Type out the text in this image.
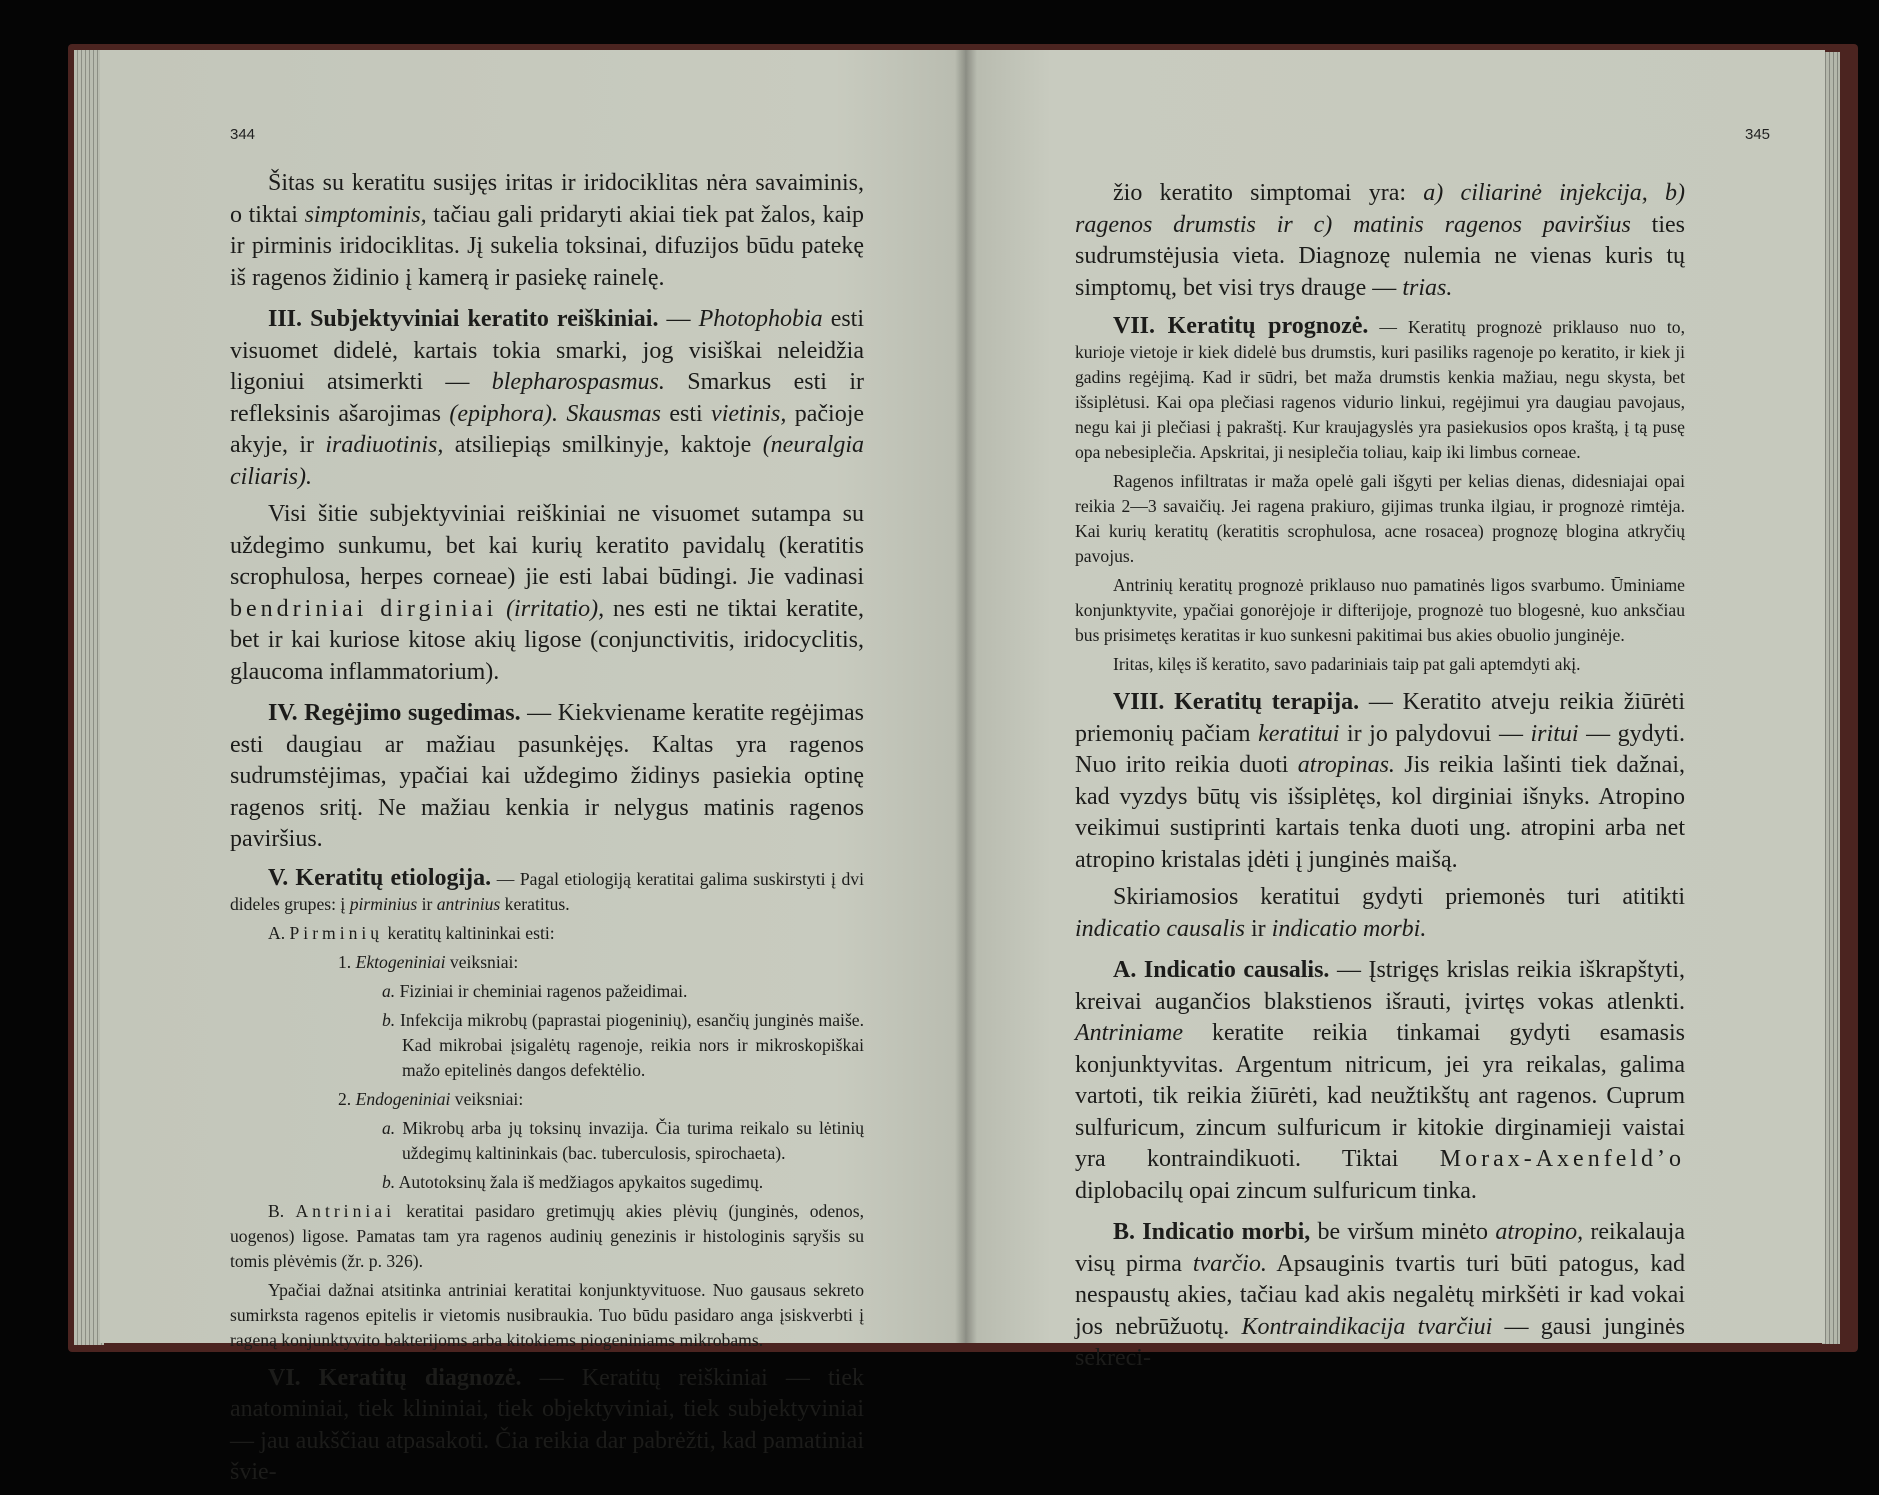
344

Šitas su keratitu susijęs iritas ir iridociklitas nėra savaiminis, o tiktai simptominis, tačiau gali pridaryti akiai tiek pat žalos, kaip ir pirminis iridociklitas. Jį sukelia toksinai, difuzijos būdu patekę iš ragenos židinio į kamerą ir pasiekę rainelę.

III. Subjektyviniai keratito reiškiniai. — Photophobia esti visuomet didelė, kartais tokia smarki, jog visiškai neleidžia ligoniui atsimerkti — blepharospasmus. Smarkus esti ir refleksinis ašarojimas (epiphora). Skausmas esti vietinis, pačioje akyje, ir iradiuotinis, atsiliepiąs smilkinyje, kaktoje (neuralgia ciliaris).

Visi šitie subjektyviniai reiškiniai ne visuomet sutampa su uždegimo sunkumu, bet kai kurių keratito pavidalų (keratitis scrophulosa, herpes corneae) jie esti labai būdingi. Jie vadinasi bendriniai dirginiai (irritatio), nes esti ne tiktai keratite, bet ir kai kuriose kitose akių ligose (conjunctivitis, iridocyclitis, glaucoma inflammatorium).

IV. Regėjimo sugedimas. — Kiekviename keratite regėjimas esti daugiau ar mažiau pasunkėjęs. Kaltas yra ragenos sudrumstėjimas, ypačiai kai uždegimo židinys pasiekia optinę ragenos sritį. Ne mažiau kenkia ir nelygus matinis ragenos paviršius.

V. Keratitų etiologija. — Pagal etiologiją keratitai galima suskirstyti į dvi dideles grupes: į pirminius ir antrinius keratitus.

A. Pirminių keratitų kaltininkai esti:

1. Ektogeniniai veiksniai:

a. Fiziniai ir cheminiai ragenos pažeidimai.

b. Infekcija mikrobų (paprastai piogeninių), esančių junginės maiše. Kad mikrobai įsigalėtų ragenoje, reikia nors ir mikroskopiškai mažo epitelinės dangos defektėlio.

2. Endogeniniai veiksniai:

a. Mikrobų arba jų toksinų invazija. Čia turima reikalo su lėtinių uždegimų kaltininkais (bac. tuberculosis, spirochaeta).

b. Autotoksinų žala iš medžiagos apykaitos sugedimų.

B. Antriniai keratitai pasidaro gretimųjų akies plėvių (junginės, odenos, uogenos) ligose. Pamatas tam yra ragenos audinių genezinis ir histologinis sąryšis su tomis plėvėmis (žr. p. 326).

Ypačiai dažnai atsitinka antriniai keratitai konjunktyvituose. Nuo gausaus sekreto sumirksta ragenos epitelis ir vietomis nusibraukia. Tuo būdu pasidaro anga įsiskverbti į rageną konjunktyvito bakterijoms arba kitokiems piogeniniams mikrobams.

VI. Keratitų diagnozė. — Keratitų reiškiniai — tiek anatominiai, tiek klininiai, tiek objektyviniai, tiek subjektyviniai — jau aukščiau atpasakoti. Čia reikia dar pabrėžti, kad pamatiniai švie-

345

žio keratito simptomai yra: a) ciliarinė injekcija, b) ragenos drumstis ir c) matinis ragenos paviršius ties sudrumstėjusia vieta. Diagnozę nulemia ne vienas kuris tų simptomų, bet visi trys drauge — trias.

VII. Keratitų prognozė. — Keratitų prognozė priklauso nuo to, kurioje vietoje ir kiek didelė bus drumstis, kuri pasiliks ragenoje po keratito, ir kiek ji gadins regėjimą. Kad ir sūdri, bet maža drumstis kenkia mažiau, negu skysta, bet išsiplėtusi. Kai opa plečiasi ragenos vidurio linkui, regėjimui yra daugiau pavojaus, negu kai ji plečiasi į pakraštį. Kur kraujagyslės yra pasiekusios opos kraštą, į tą pusę opa nebesiplečia. Apskritai, ji nesiplečia toliau, kaip iki limbus corneae.

Ragenos infiltratas ir maža opelė gali išgyti per kelias dienas, didesniajai opai reikia 2—3 savaičių. Jei ragena prakiuro, gijimas trunka ilgiau, ir prognozė rimtėja. Kai kurių keratitų (keratitis scrophulosa, acne rosacea) prognozę blogina atkryčių pavojus.

Antrinių keratitų prognozė priklauso nuo pamatinės ligos svarbumo. Ūminiame konjunktyvite, ypačiai gonorėjoje ir difterijoje, prognozė tuo blogesnė, kuo anksčiau bus prisimetęs keratitas ir kuo sunkesni pakitimai bus akies obuolio junginėje.

Iritas, kilęs iš keratito, savo padariniais taip pat gali aptemdyti akį.

VIII. Keratitų terapija. — Keratito atveju reikia žiūrėti priemonių pačiam keratitui ir jo palydovui — iritui — gydyti. Nuo irito reikia duoti atropinas. Jis reikia lašinti tiek dažnai, kad vyzdys būtų vis išsiplėtęs, kol dirginiai išnyks. Atropino veikimui sustiprinti kartais tenka duoti ung. atropini arba net atropino kristalas įdėti į junginės maišą.

Skiriamosios keratitui gydyti priemonės turi atitikti indicatio causalis ir indicatio morbi.

A. Indicatio causalis. — Įstrigęs krislas reikia iškrapštyti, kreivai augančios blakstienos išrauti, įvirtęs vokas atlenkti. Antriniame keratite reikia tinkamai gydyti esamasis konjunktyvitas. Argentum nitricum, jei yra reikalas, galima vartoti, tik reikia žiūrėti, kad neužtikštų ant ragenos. Cuprum sulfuricum, zincum sulfuricum ir kitokie dirginamieji vaistai yra kontraindikuoti. Tiktai Morax-Axenfeld’o diplobacilų opai zincum sulfuricum tinka.

B. Indicatio morbi, be viršum minėto atropino, reikalauja visų pirma tvarčio. Apsauginis tvartis turi būti patogus, kad nespaustų akies, tačiau kad akis negalėtų mirkšėti ir kad vokai jos nebrūžuotų. Kontraindikacija tvarčiui — gausi junginės sekreci-
